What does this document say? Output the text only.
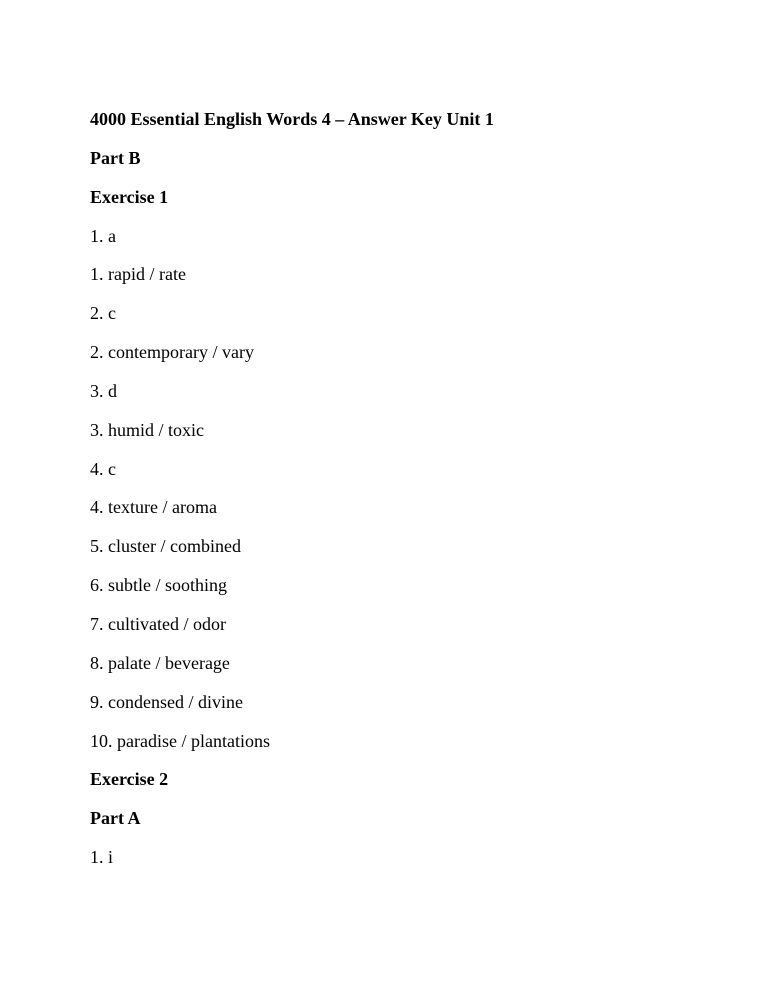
4000 Essential English Words 4 – Answer Key Unit 1
Part B
Exercise 1
1. a
1. rapid / rate
2. c
2. contemporary / vary
3. d
3. humid / toxic
4. c
4. texture / aroma
5. cluster / combined
6. subtle / soothing
7. cultivated / odor
8. palate / beverage
9. condensed / divine
10. paradise / plantations
Exercise 2
Part A
1. i
